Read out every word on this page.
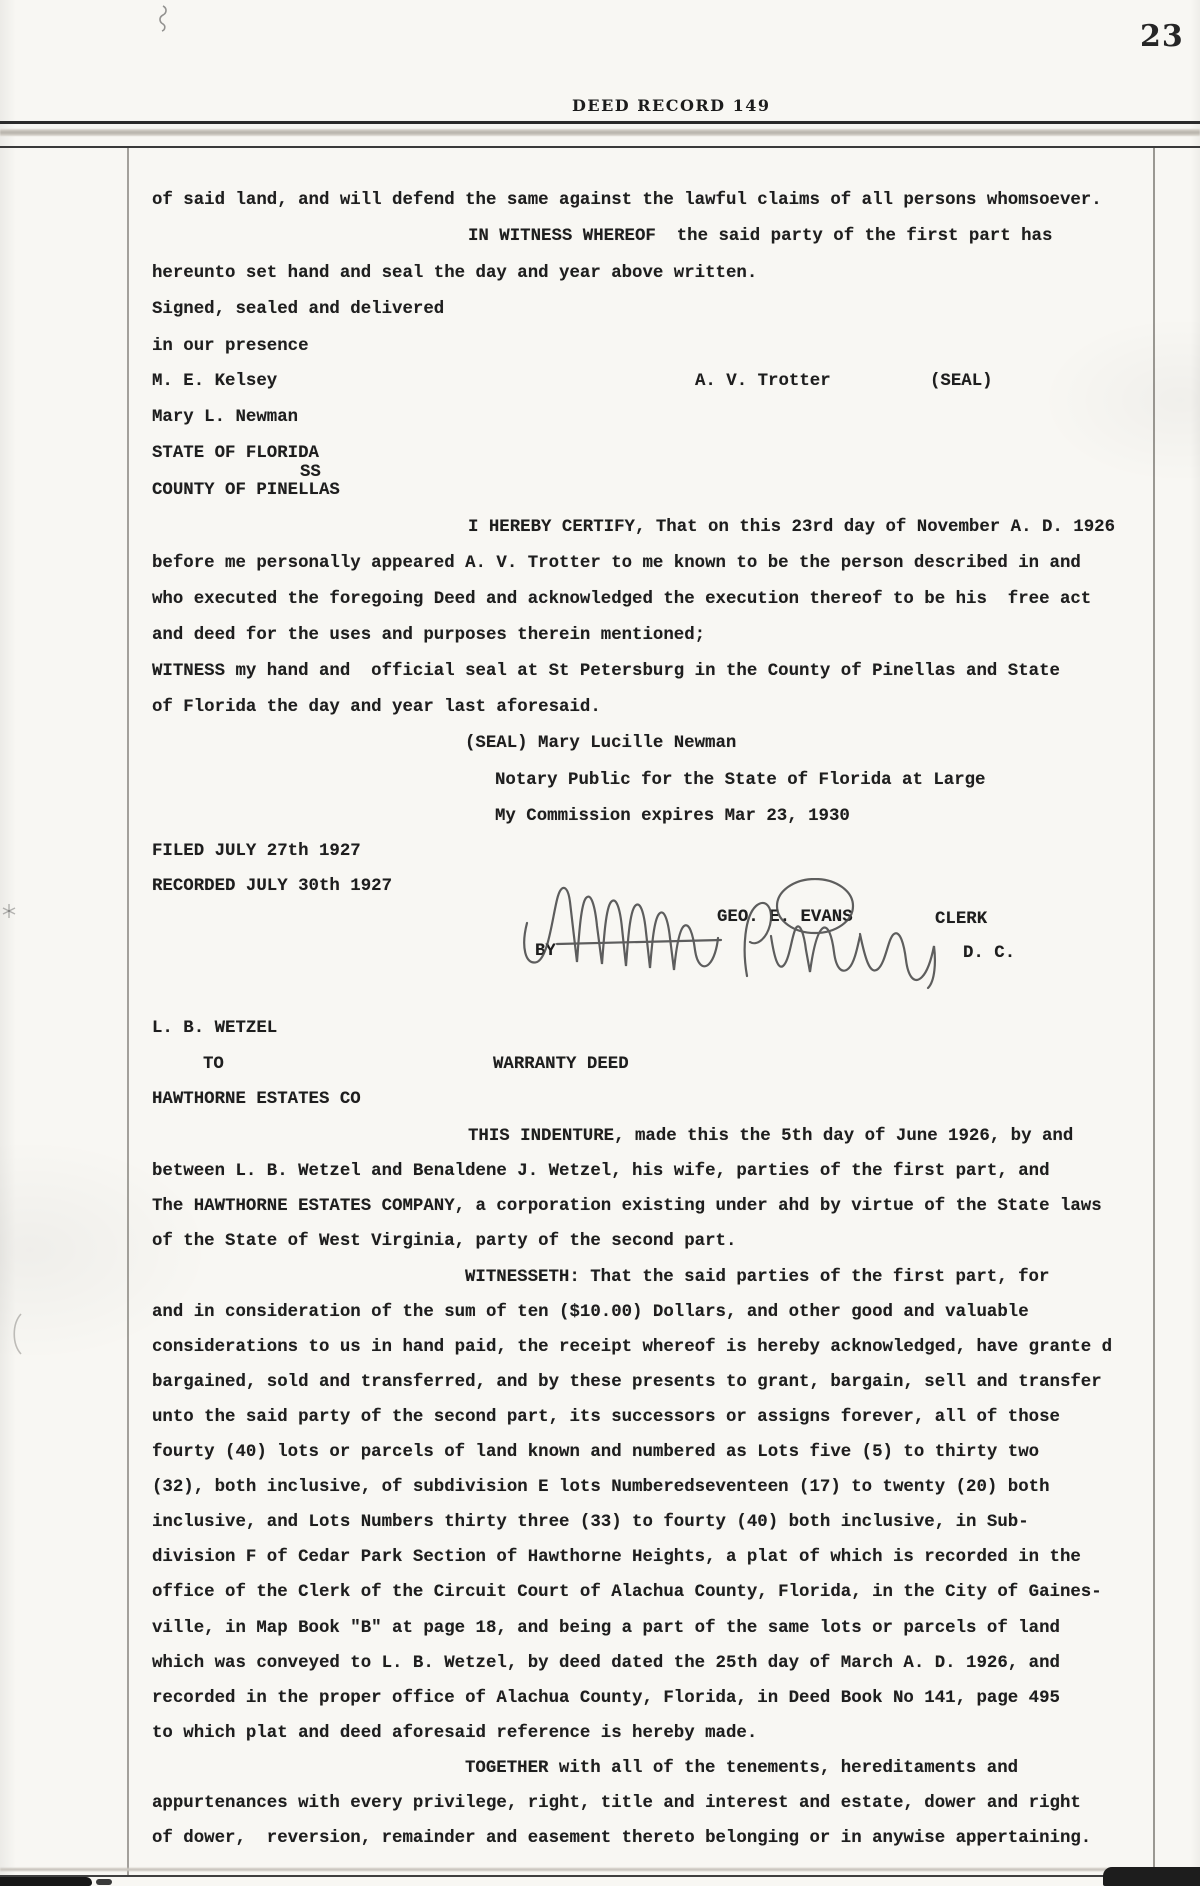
23
DEED RECORD 149
of said land, and will defend the same against the lawful claims of all persons whomsoever.
IN WITNESS WHEREOF  the said party of the first part has
hereunto set hand and seal the day and year above written.
Signed, sealed and delivered
in our presence
M. E. Kelsey	A. V. Trotter	(SEAL)
Mary L. Newman
STATE OF FLORIDA
SS
COUNTY OF PINELLAS
I HEREBY CERTIFY, That on this 23rd day of November A. D. 1926
before me personally appeared A. V. Trotter to me known to be the person described in and
who executed the foregoing Deed and acknowledged the execution thereof to be his  free act
and deed for the uses and purposes therein mentioned;
WITNESS my hand and  official seal at St Petersburg in the County of Pinellas and State
of Florida the day and year last aforesaid.
(SEAL) Mary Lucille Newman
Notary Public for the State of Florida at Large
My Commission expires Mar 23, 1930
FILED JULY 27th 1927
RECORDED JULY 30th 1927
GEO. E. EVANS	CLERK
BY	D. C.
L. B. WETZEL
TO	WARRANTY DEED
HAWTHORNE ESTATES CO
THIS INDENTURE, made this the 5th day of June 1926, by and
between L. B. Wetzel and Benaldene J. Wetzel, his wife, parties of the first part, and
The HAWTHORNE ESTATES COMPANY, a corporation existing under ahd by virtue of the State laws
of the State of West Virginia, party of the second part.
WITNESSETH: That the said parties of the first part, for
and in consideration of the sum of ten ($10.00) Dollars, and other good and valuable
considerations to us in hand paid, the receipt whereof is hereby acknowledged, have grante d
bargained, sold and transferred, and by these presents to grant, bargain, sell and transfer
unto the said party of the second part, its successors or assigns forever, all of those
fourty (40) lots or parcels of land known and numbered as Lots five (5) to thirty two
(32), both inclusive, of subdivision E lots Numberedseventeen (17) to twenty (20) both
inclusive, and Lots Numbers thirty three (33) to fourty (40) both inclusive, in Sub-
division F of Cedar Park Section of Hawthorne Heights, a plat of which is recorded in the
office of the Clerk of the Circuit Court of Alachua County, Florida, in the City of Gaines-
ville, in Map Book "B" at page 18, and being a part of the same lots or parcels of land
which was conveyed to L. B. Wetzel, by deed dated the 25th day of March A. D. 1926, and
recorded in the proper office of Alachua County, Florida, in Deed Book No 141, page 495
to which plat and deed aforesaid reference is hereby made.
TOGETHER with all of the tenements, hereditaments and
appurtenances with every privilege, right, title and interest and estate, dower and right
of dower,  reversion, remainder and easement thereto belonging or in anywise appertaining.
